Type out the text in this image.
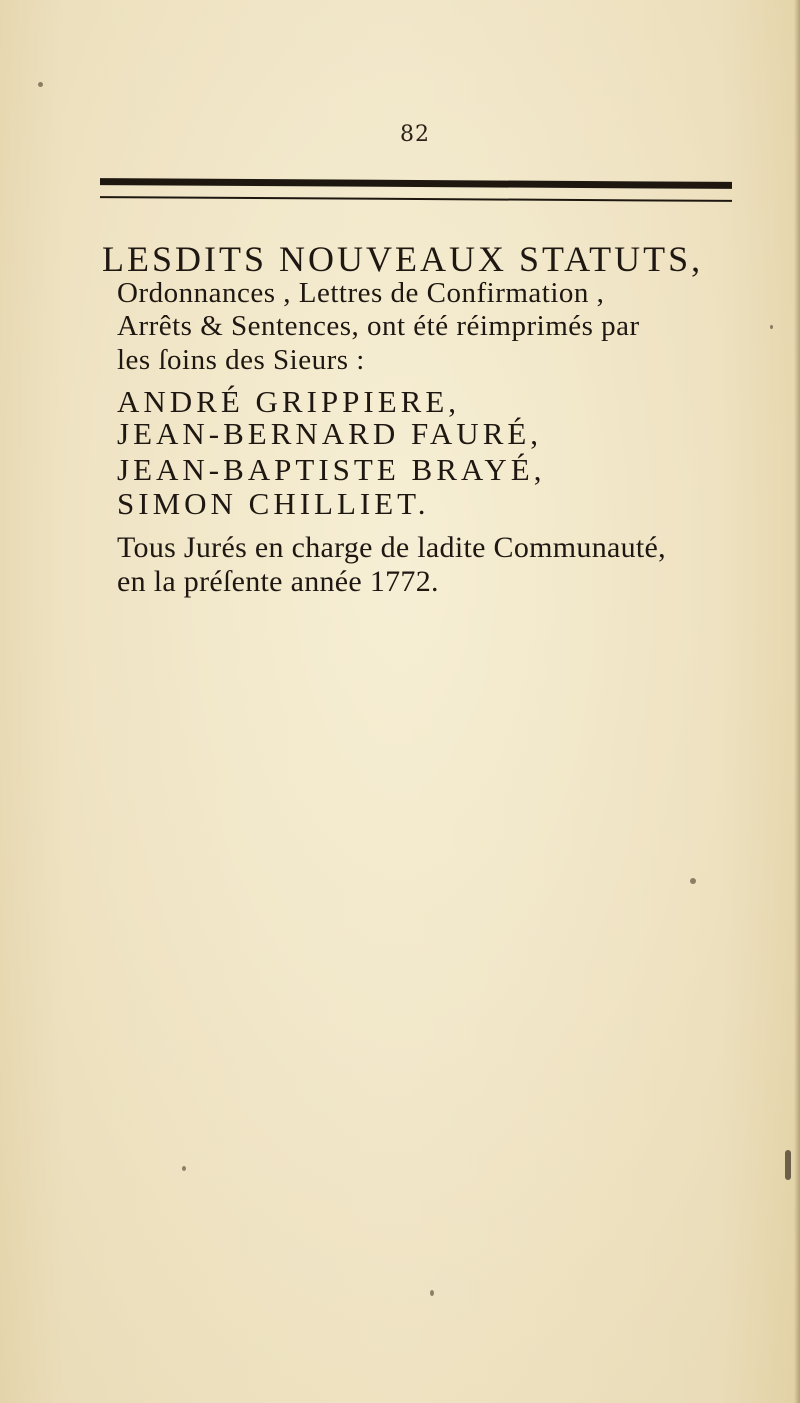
82
LESDITS NOUVEAUX STATUTS,
Ordonnances , Lettres de Confirmation ,
Arrêts & Sentences, ont été réimprimés par
les ſoins des Sieurs :
ANDRÉ GRIPPIERE,
JEAN-BERNARD FAURÉ,
JEAN-BAPTISTE BRAYÉ,
SIMON CHILLIET.
Tous Jurés en charge de ladite Communauté,
en la préſente année 1772.
